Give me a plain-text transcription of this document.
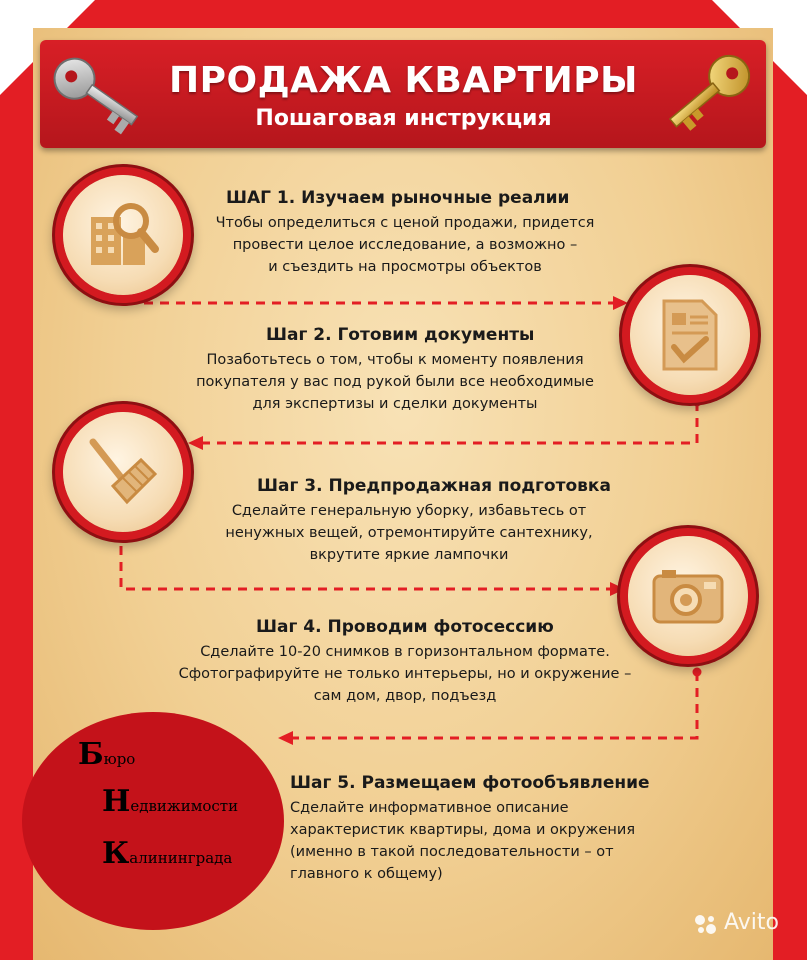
ПРОДАЖА КВАРТИРЫ
Пошаговая инструкция
ШАГ 1. Изучаем рыночные реалии
Чтобы определиться с ценой продажи, придется
провести целое исследование, а возможно –
и съездить на просмотры объектов
Шаг 2. Готовим документы
Позаботьтесь о том, чтобы к моменту появления
покупателя у вас под рукой были все необходимые
для экспертизы и сделки документы
Шаг 3. Предпродажная подготовка
Сделайте генеральную уборку, избавьтесь от
ненужных вещей, отремонтируйте сантехнику,
вкрутите яркие лампочки
Шаг 4. Проводим фотосессию
Сделайте 10-20 снимков в горизонтальном формате.
Сфотографируйте не только интерьеры, но и окружение –
сам дом, двор, подъезд
Шаг 5. Размещаем фотообъявление
Сделайте информативное описание
характеристик квартиры, дома и окружения
(именно в такой последовательности – от
главного к общему)
Бюро
Недвижимости
Калининграда
Avito
